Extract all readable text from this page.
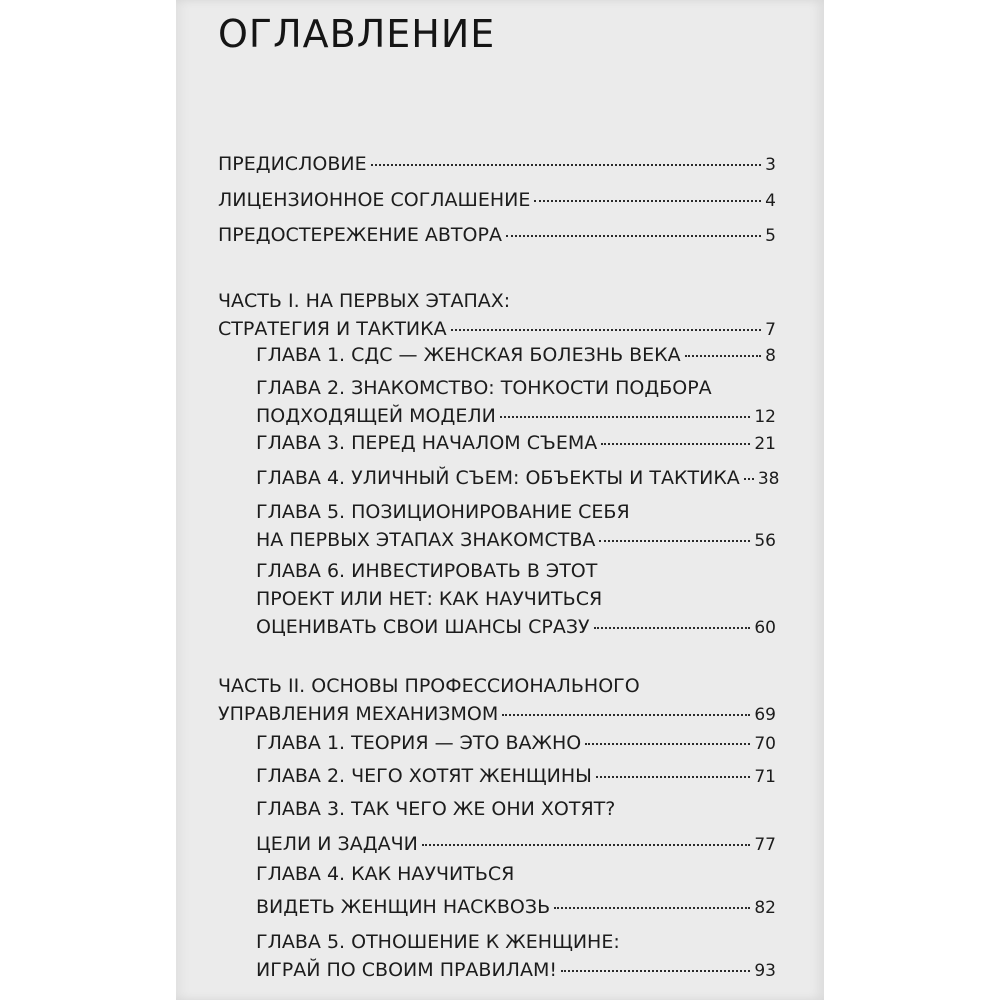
ОГЛАВЛЕНИЕ
ПРЕДИСЛОВИЕ	3
ЛИЦЕНЗИОННОЕ СОГЛАШЕНИЕ	4
ПРЕДОСТЕРЕЖЕНИЕ АВТОРА	5
ЧАСТЬ I. НА ПЕРВЫХ ЭТАПАХ:
СТРАТЕГИЯ И ТАКТИКА	7
ГЛАВА 1. СДС — ЖЕНСКАЯ БОЛЕЗНЬ ВЕКА	8
ГЛАВА 2. ЗНАКОМСТВО: ТОНКОСТИ ПОДБОРА
ПОДХОДЯЩЕЙ МОДЕЛИ	12
ГЛАВА 3. ПЕРЕД НАЧАЛОМ СЪЕМА	21
ГЛАВА 4. УЛИЧНЫЙ СЪЕМ: ОБЪЕКТЫ И ТАКТИКА 38
ГЛАВА 5. ПОЗИЦИОНИРОВАНИЕ СЕБЯ
НА ПЕРВЫХ ЭТАПАХ ЗНАКОМСТВА	56
ГЛАВА 6. ИНВЕСТИРОВАТЬ В ЭТОТ
ПРОЕКТ ИЛИ НЕТ: КАК НАУЧИТЬСЯ
ОЦЕНИВАТЬ СВОИ ШАНСЫ СРАЗУ	60
ЧАСТЬ II. ОСНОВЫ ПРОФЕССИОНАЛЬНОГО
УПРАВЛЕНИЯ МЕХАНИЗМОМ	69
ГЛАВА 1. ТЕОРИЯ — ЭТО ВАЖНО	70
ГЛАВА 2. ЧЕГО ХОТЯТ ЖЕНЩИНЫ	71
ГЛАВА 3. ТАК ЧЕГО ЖЕ ОНИ ХОТЯТ?
ЦЕЛИ И ЗАДАЧИ	77
ГЛАВА 4. КАК НАУЧИТЬСЯ
ВИДЕТЬ ЖЕНЩИН НАСКВОЗЬ	82
ГЛАВА 5. ОТНОШЕНИЕ К ЖЕНЩИНЕ:
ИГРАЙ ПО СВОИМ ПРАВИЛАМ!	93
